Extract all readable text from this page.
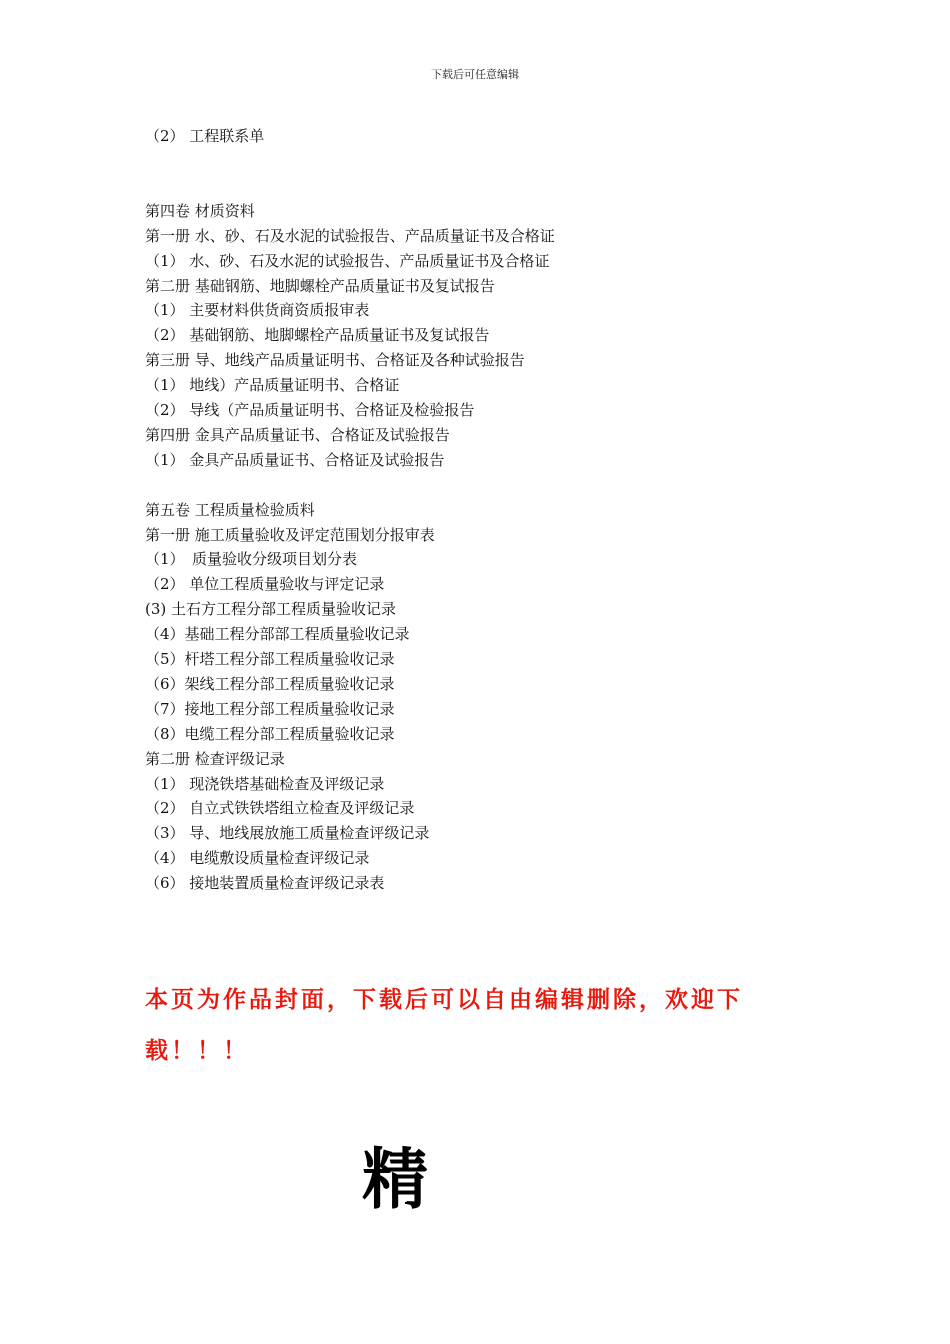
下载后可任意编辑
（2） 工程联系单
第四卷 材质资料
第一册 水、砂、石及水泥的试验报告、产品质量证书及合格证
（1） 水、砂、石及水泥的试验报告、产品质量证书及合格证
第二册 基础钢筋、地脚螺栓产品质量证书及复试报告
（1） 主要材料供货商资质报审表
（2） 基础钢筋、地脚螺栓产品质量证书及复试报告
第三册 导、地线产品质量证明书、合格证及各种试验报告
（1） 地线）产品质量证明书、合格证
（2） 导线（产品质量证明书、合格证及检验报告
第四册 金具产品质量证书、合格证及试验报告
（1） 金具产品质量证书、合格证及试验报告
第五卷 工程质量检验质料
第一册 施工质量验收及评定范围划分报审表
（1）　质量验收分级项目划分表
（2） 单位工程质量验收与评定记录
(3) 土石方工程分部工程质量验收记录
（4）基础工程分部部工程质量验收记录
（5）杆塔工程分部工程质量验收记录
（6）架线工程分部工程质量验收记录
（7）接地工程分部工程质量验收记录
（8）电缆工程分部工程质量验收记录
第二册 检查评级记录
（1） 现浇铁塔基础检查及评级记录
（2） 自立式铁铁塔组立检查及评级记录
（3） 导、地线展放施工质量检查评级记录
（4） 电缆敷设质量检查评级记录
（6） 接地装置质量检查评级记录表
本页为作品封面，下载后可以自由编辑删除，欢迎下
载！！！
精
